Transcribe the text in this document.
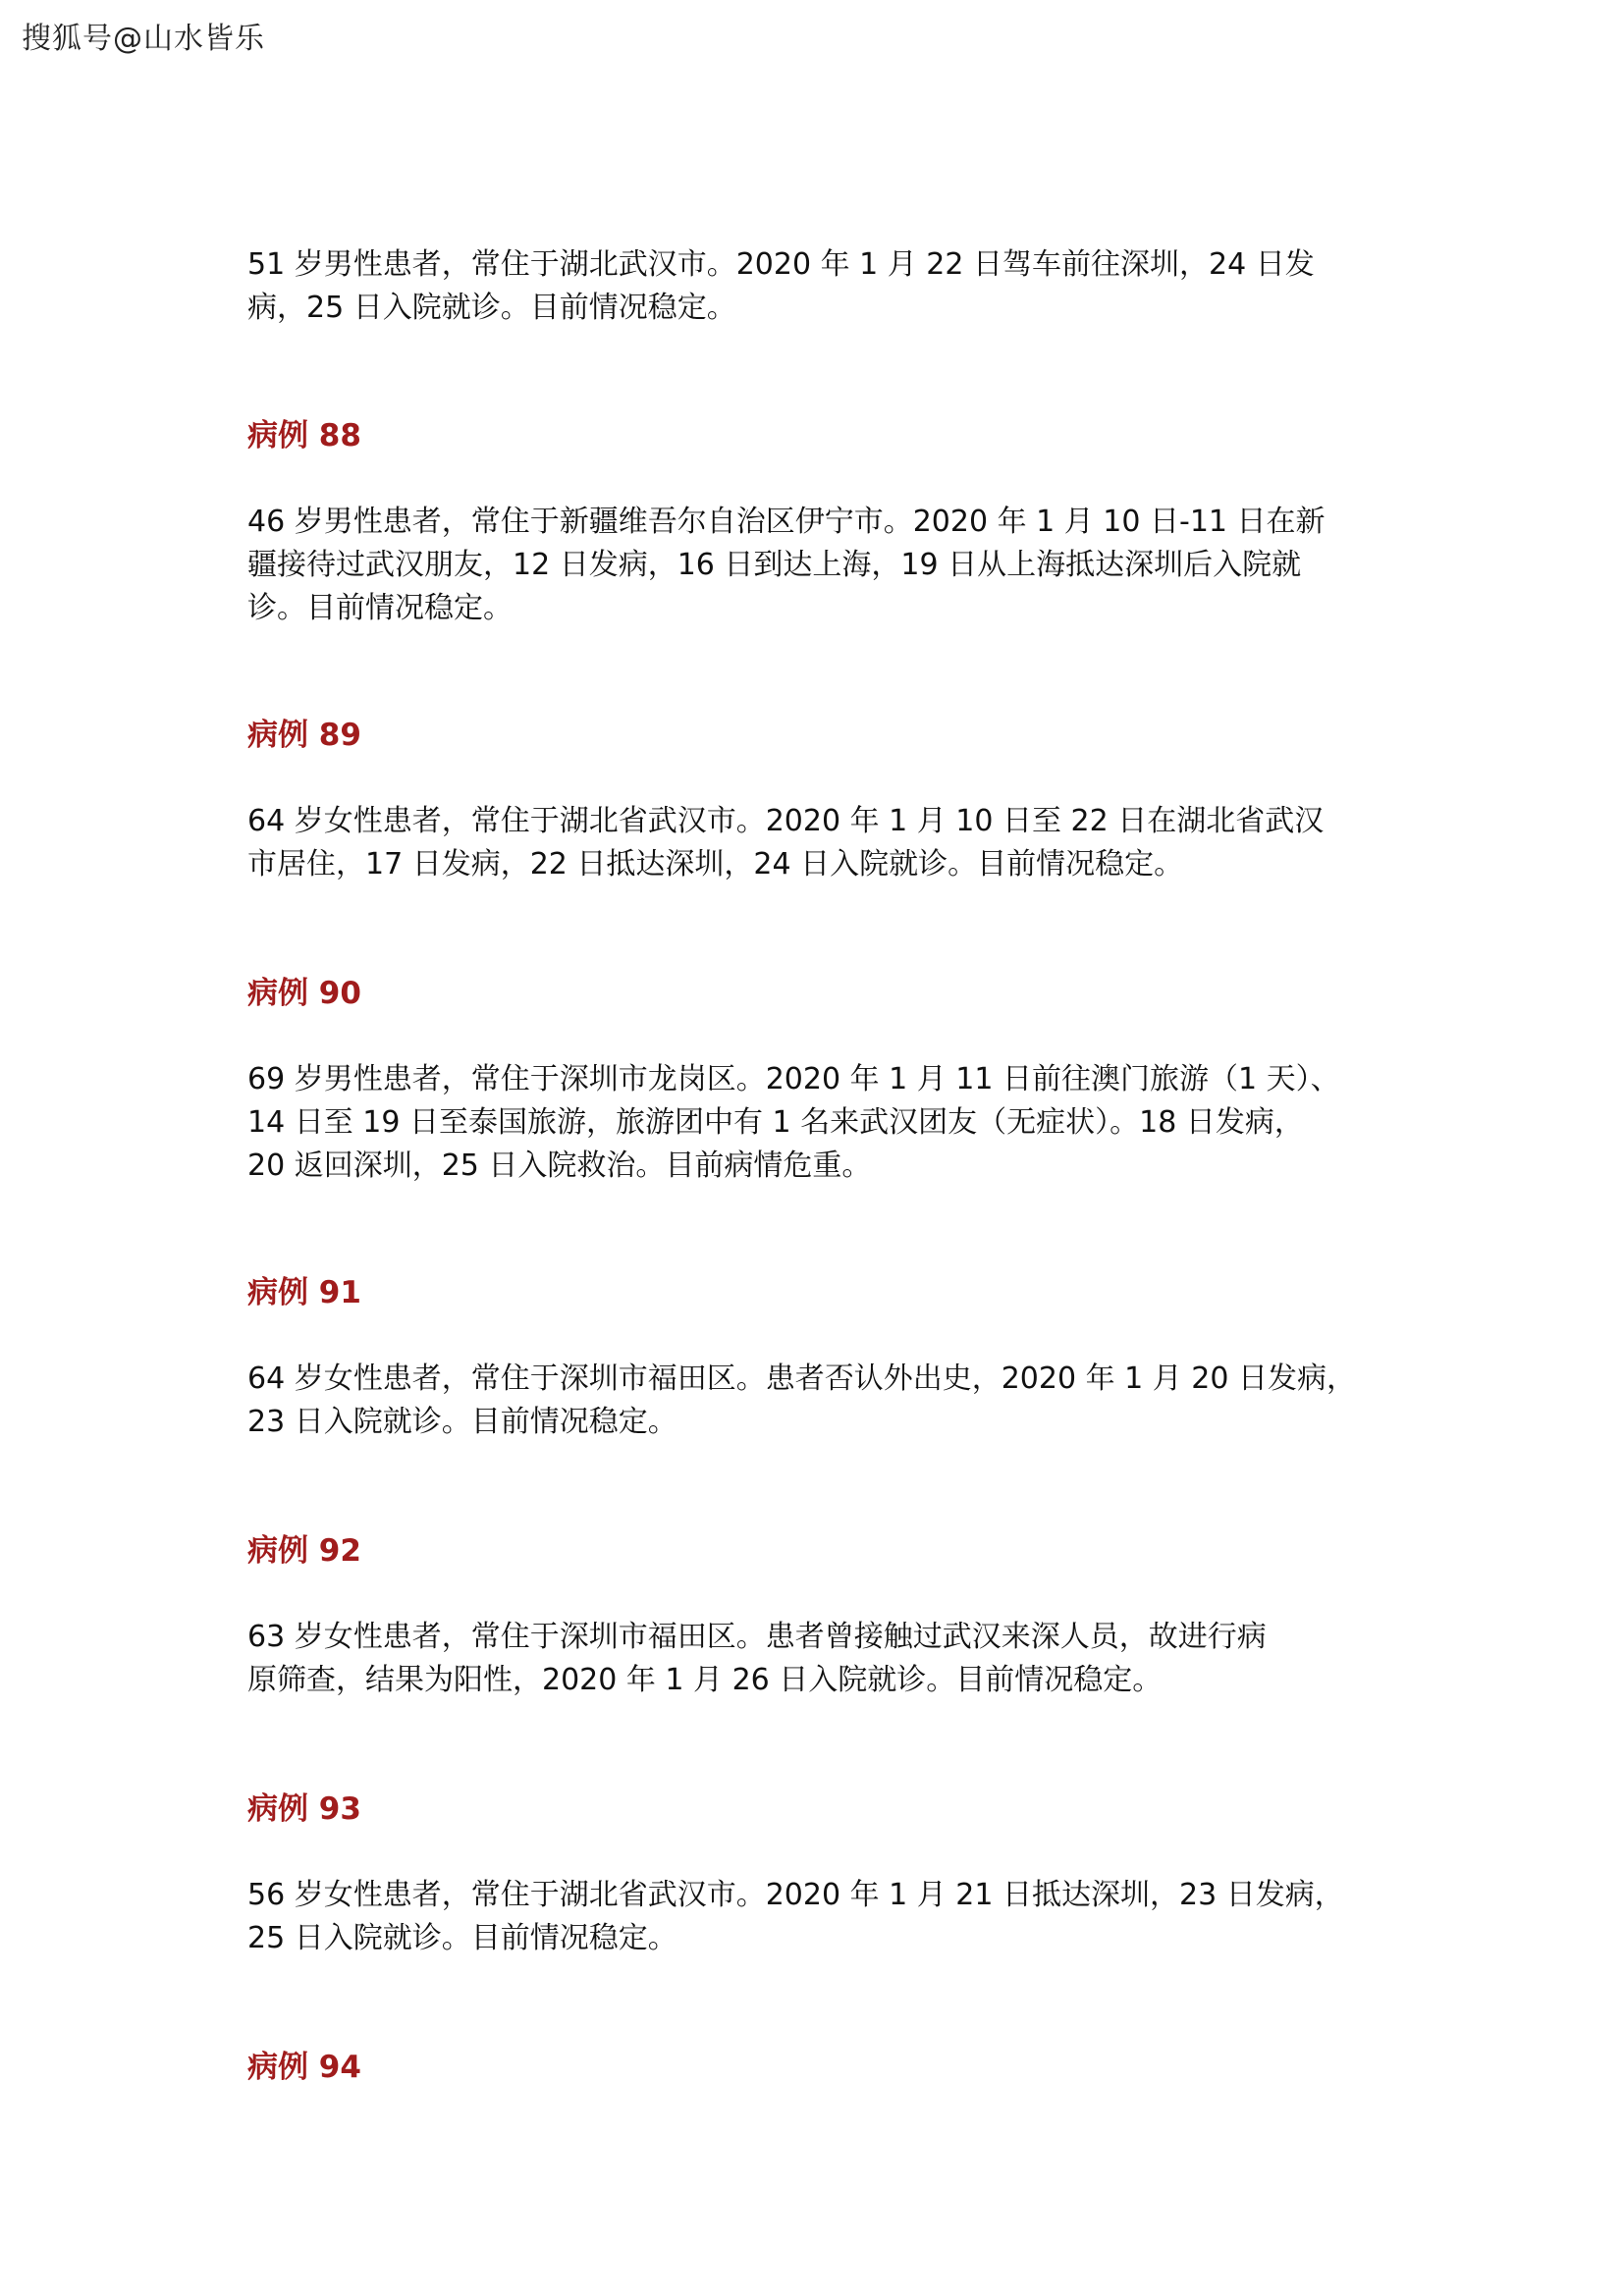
搜狐号@山水皆乐

51 岁男性患者，常住于湖北武汉市。2020 年 1 月 22 日驾车前往深圳，24 日发
病，25 日入院就诊。目前情况稳定。

病例 88

46 岁男性患者，常住于新疆维吾尔自治区伊宁市。2020 年 1 月 10 日-11 日在新
疆接待过武汉朋友，12 日发病，16 日到达上海，19 日从上海抵达深圳后入院就
诊。目前情况稳定。

病例 89

64 岁女性患者，常住于湖北省武汉市。2020 年 1 月 10 日至 22 日在湖北省武汉
市居住，17 日发病，22 日抵达深圳，24 日入院就诊。目前情况稳定。

病例 90

69 岁男性患者，常住于深圳市龙岗区。2020 年 1 月 11 日前往澳门旅游（1 天）、
14 日至 19 日至泰国旅游，旅游团中有 1 名来武汉团友（无症状）。18 日发病，
20 返回深圳，25 日入院救治。目前病情危重。

病例 91

64 岁女性患者，常住于深圳市福田区。患者否认外出史，2020 年 1 月 20 日发病，
23 日入院就诊。目前情况稳定。

病例 92

63 岁女性患者，常住于深圳市福田区。患者曾接触过武汉来深人员，故进行病
原筛查，结果为阳性，2020 年 1 月 26 日入院就诊。目前情况稳定。

病例 93

56 岁女性患者，常住于湖北省武汉市。2020 年 1 月 21 日抵达深圳，23 日发病，
25 日入院就诊。目前情况稳定。

病例 94
